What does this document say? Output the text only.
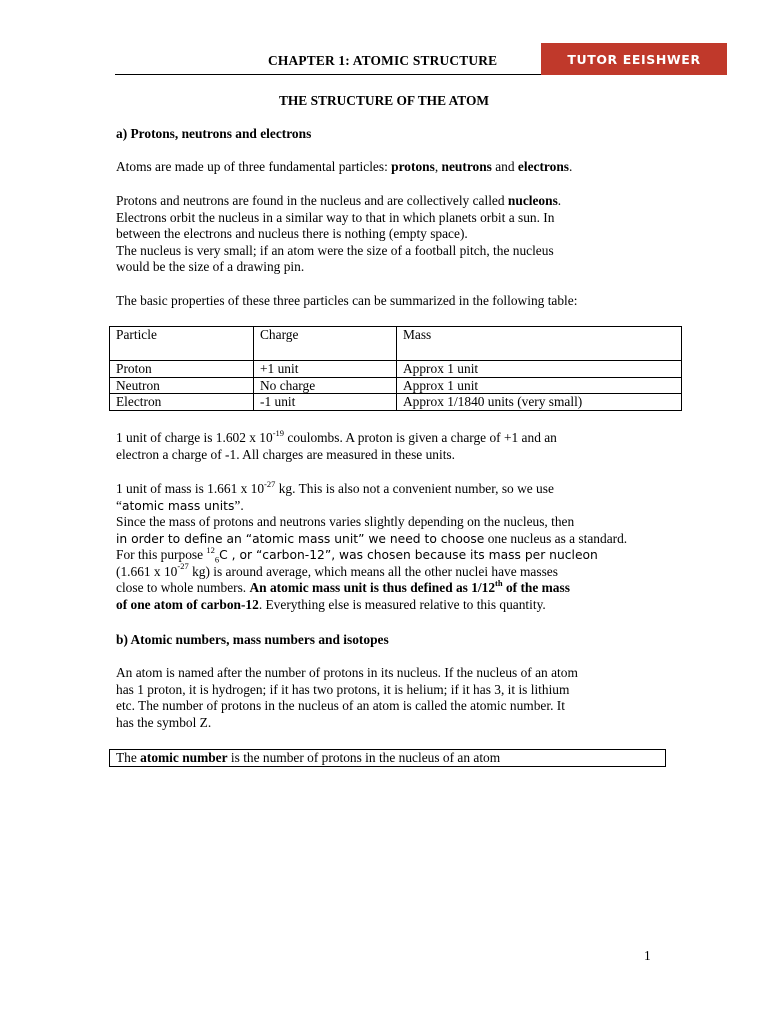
CHAPTER 1: ATOMIC STRUCTURE	TUTOR EEISHWER
THE STRUCTURE OF THE ATOM
a) Protons, neutrons and electrons
Atoms are made up of three fundamental particles: protons, neutrons and electrons.
Protons and neutrons are found in the nucleus and are collectively called nucleons.
Electrons orbit the nucleus in a similar way to that in which planets orbit a sun. In
between the electrons and nucleus there is nothing (empty space).
The nucleus is very small; if an atom were the size of a football pitch, the nucleus
would be the size of a drawing pin.
The basic properties of these three particles can be summarized in the following table:
Particle	Charge	Mass
Proton	+1 unit	Approx 1 unit
Neutron	No charge	Approx 1 unit
Electron	-1 unit	Approx 1/1840 units (very small)
1 unit of charge is 1.602 x $10^{-19}$ coulombs. A proton is given a charge of +1 and an
electron a charge of -1. All charges are measured in these units.
1 unit of mass is 1.661 x $10^{-27}$ kg. This is also not a convenient number, so we use
“atomic mass units”.
Since the mass of protons and neutrons varies slightly depending on the nucleus, then
in order to define an “atomic mass unit” we need to choose one nucleus as a standard.
For this purpose $^{12}_6$C , or “carbon-12”, was chosen because its mass per nucleon
(1.661 x $10^{-27}$ kg) is around average, which means all the other nuclei have masses
close to whole numbers. An atomic mass unit is thus defined as 1/12th of the mass
of one atom of carbon-12. Everything else is measured relative to this quantity.
b) Atomic numbers, mass numbers and isotopes
An atom is named after the number of protons in its nucleus. If the nucleus of an atom
has 1 proton, it is hydrogen; if it has two protons, it is helium; if it has 3, it is lithium
etc. The number of protons in the nucleus of an atom is called the atomic number. It
has the symbol Z.
The atomic number is the number of protons in the nucleus of an atom
1
